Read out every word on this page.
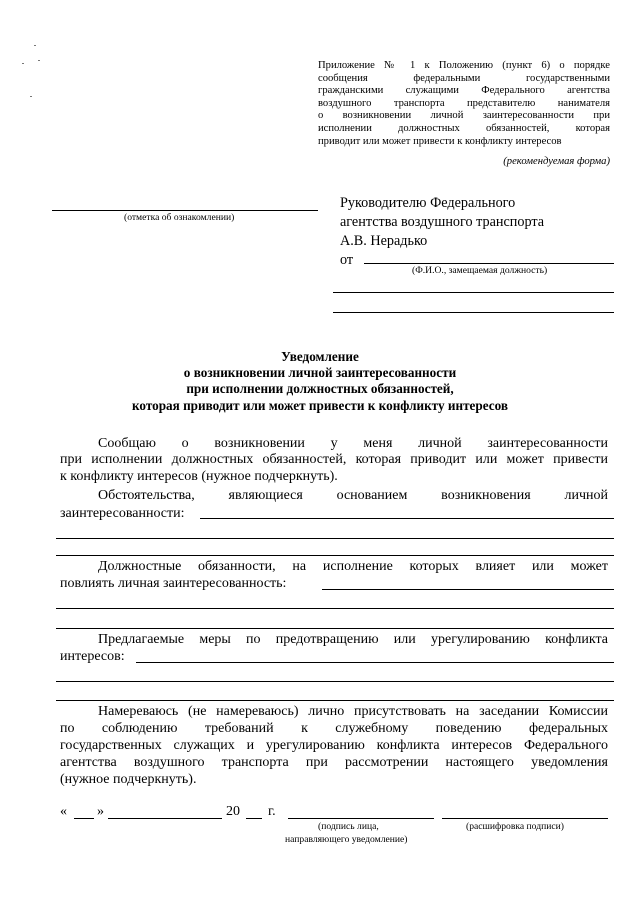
Приложение № 1 к Положению (пункт 6) о порядке
сообщения федеральными государственными
гражданскими служащими Федерального агентства
воздушного транспорта представителю нанимателя
о возникновении личной заинтересованности при
исполнении должностных обязанностей, которая
приводит или может привести к конфликту интересов
(рекомендуемая форма)
(отметка об ознакомлении)
Руководителю Федерального
агентства воздушного транспорта
А.В. Нерадько
от
(Ф.И.О., замещаемая должность)
Уведомление
о возникновении личной заинтересованности
при исполнении должностных обязанностей,
которая приводит или может привести к конфликту интересов
Сообщаю о возникновении у меня личной заинтересованности
при исполнении должностных обязанностей, которая приводит или может привести
к конфликту интересов (нужное подчеркнуть).
Обстоятельства, являющиеся основанием возникновения личной
заинтересованности:
Должностные обязанности, на исполнение которых влияет или может
повлиять личная заинтересованность:
Предлагаемые меры по предотвращению или урегулированию конфликта
интересов:
Намереваюсь (не намереваюсь) лично присутствовать на заседании Комиссии
по соблюдению требований к служебному поведению федеральных
государственных служащих и урегулированию конфликта интересов Федерального
агентства воздушного транспорта при рассмотрении настоящего уведомления
(нужное подчеркнуть).
« »	20 г.
(подпись лица,
направляющего уведомление)
(расшифровка подписи)
